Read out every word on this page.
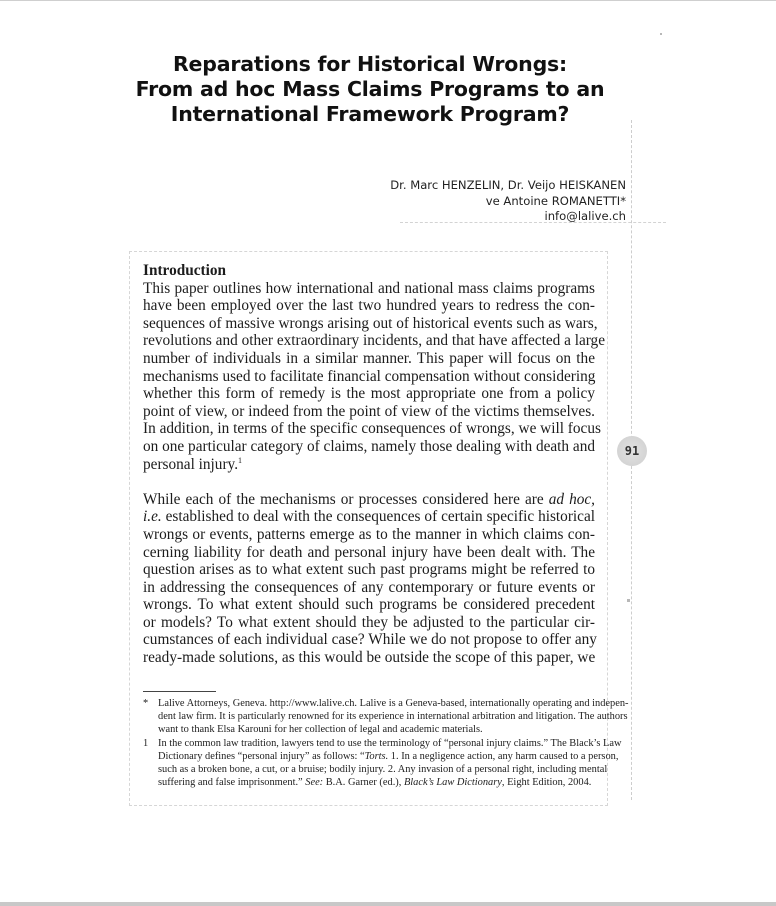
Reparations for Historical Wrongs:
From ad hoc Mass Claims Programs to an
International Framework Program?
Dr. Marc HENZELIN, Dr. Veijo HEISKANEN
ve Antoine ROMANETTI*
info@lalive.ch
Introduction
This paper outlines how international and national mass claims programs
have been employed over the last two hundred years to redress the con-
sequences of massive wrongs arising out of historical events such as wars,
revolutions and other extraordinary incidents, and that have affected a large
number of individuals in a similar manner. This paper will focus on the
mechanisms used to facilitate financial compensation without considering
whether this form of remedy is the most appropriate one from a policy
point of view, or indeed from the point of view of the victims themselves.
In addition, in terms of the specific consequences of wrongs, we will focus
on one particular category of claims, namely those dealing with death and
personal injury.$^1$
While each of the mechanisms or processes considered here are ad hoc,
i.e. established to deal with the consequences of certain specific historical
wrongs or events, patterns emerge as to the manner in which claims con-
cerning liability for death and personal injury have been dealt with. The
question arises as to what extent such past programs might be referred to
in addressing the consequences of any contemporary or future events or
wrongs. To what extent should such programs be considered precedent
or models? To what extent should they be adjusted to the particular cir-
cumstances of each individual case? While we do not propose to offer any
ready-made solutions, as this would be outside the scope of this paper, we
* Lalive Attorneys, Geneva. http://www.lalive.ch. Lalive is a Geneva-based, internationally operating and indepen-
dent law firm. It is particularly renowned for its experience in international arbitration and litigation. The authors
want to thank Elsa Karouni for her collection of legal and academic materials.
1 In the common law tradition, lawyers tend to use the terminology of “personal injury claims.” The Black’s Law
Dictionary defines “personal injury” as follows: “Torts. 1. In a negligence action, any harm caused to a person,
such as a broken bone, a cut, or a bruise; bodily injury. 2. Any invasion of a personal right, including mental
suffering and false imprisonment.” See: B.A. Garner (ed.), Black’s Law Dictionary, Eight Edition, 2004.
91
